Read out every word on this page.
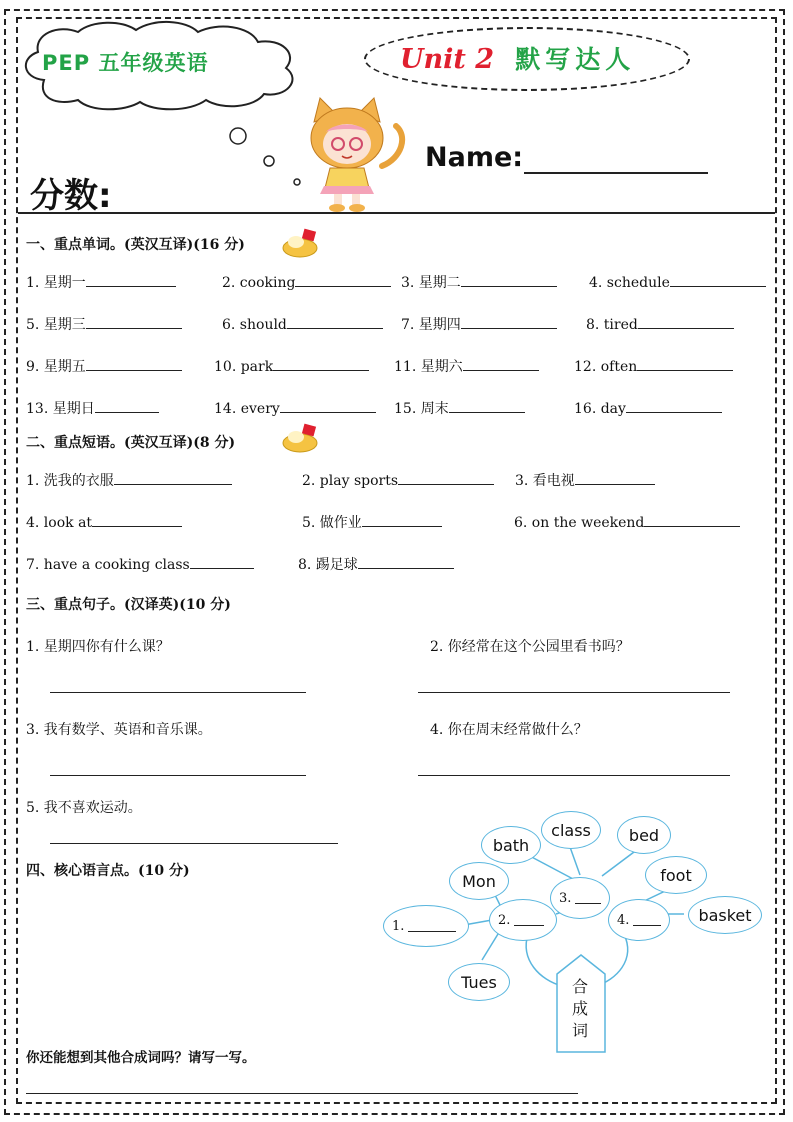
PEP 五年级英语	Unit 2 默写达人
Name:
分数:
一、重点单词。(英汉互译)(16 分)
1. 星期一	2. cooking	3. 星期二	4. schedule
5. 星期三	6. should	7. 星期四	8. tired
9. 星期五	10. park	11. 星期六	12. often
13. 星期日	14. every	15. 周末	16. day
二、重点短语。(英汉互译)(8 分)
1. 洗我的衣服	2. play sports	3. 看电视
4. look at	5. 做作业	6. on the weekend
7. have a cooking class	8. 踢足球
三、重点句子。(汉译英)(10 分)
1. 星期四你有什么课？	2. 你经常在这个公园里看书吗？
3. 我有数学、英语和音乐课。	4. 你在周末经常做什么？
5. 我不喜欢运动。
四、核心语言点。(10 分)
bath
class	bed
Mon	foot
basket
Tues
1.	2.
3.
4.
合成词
你还能想到其他合成词吗？请写一写。
